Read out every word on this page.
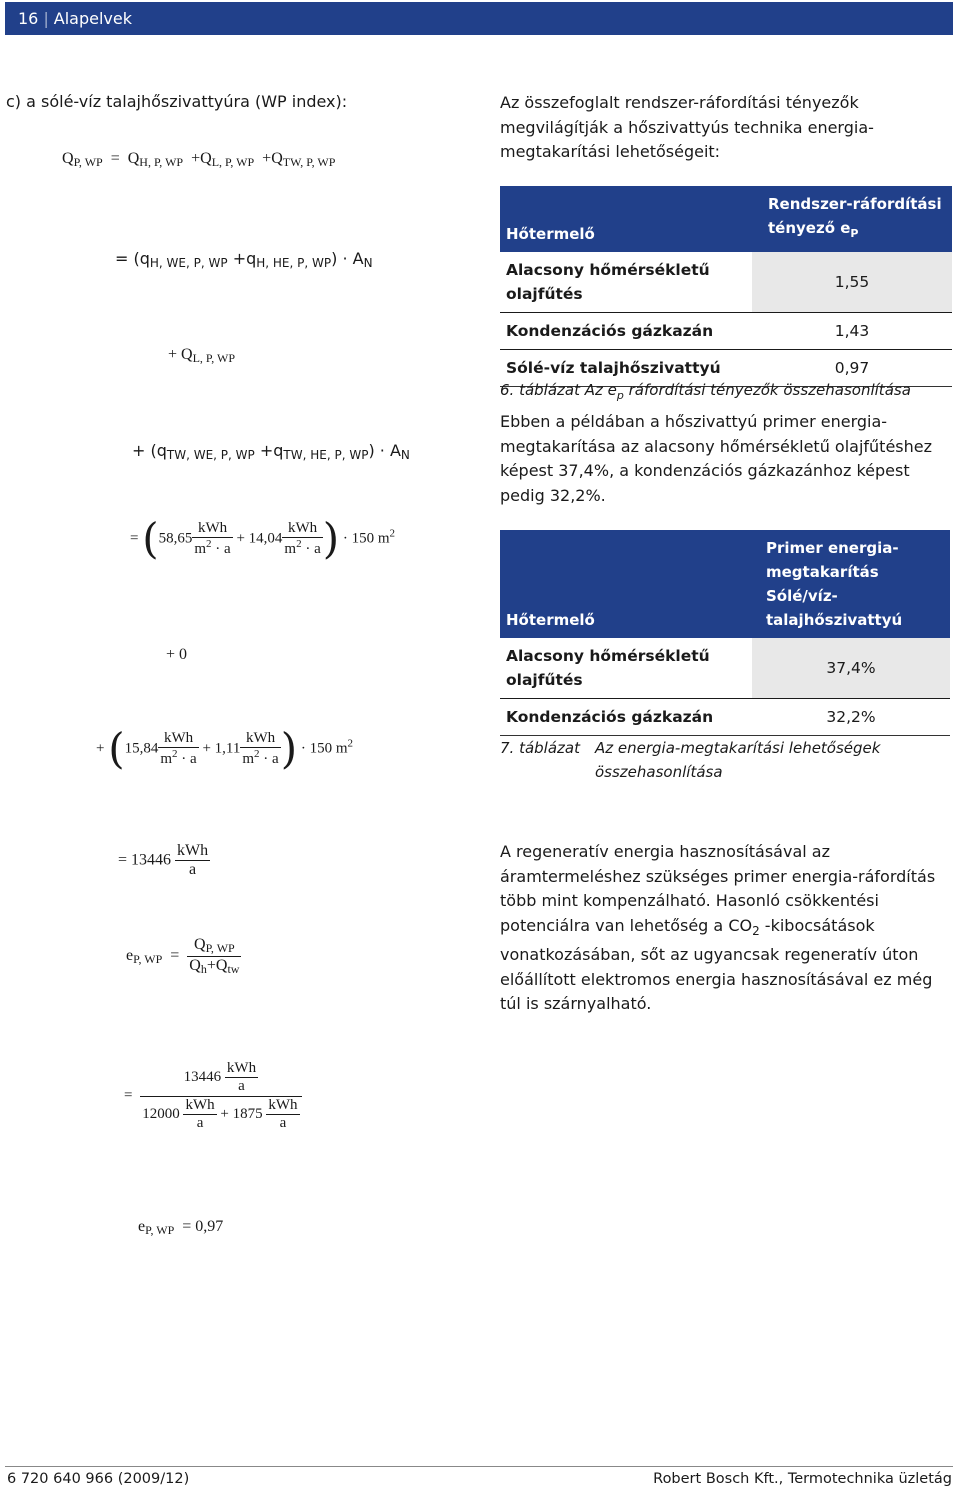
16 | Alapelvek
c) a sólé-víz talajhőszivattyúra (WP index):
$Q_{P, WP} = Q_{H, P, WP} +Q_{L, P, WP} +Q_{TW, P, WP}$
= $(q_{H, WE, P, WP} +q_{H, HE, P, WP}) \cdot A_N$
+ $Q_{L, P, WP}$
+ $(q_{TW, WE, P, WP} +q_{TW, HE, P, WP}) \cdot A_N$
= ($58,65 \frac{\text{kWh}}{m^2 \cdot a} + 14,04 \frac{\text{kWh}}{m^2 \cdot a}$ ) · 150 $m^2$
+ 0
+ ($15,84 \frac{\text{kWh}}{m^2 \cdot a} + 1,11 \frac{\text{kWh}}{m^2 \cdot a}$ ) · 150 $m^2$
= $13446 \frac{\text{kWh}}{a}$
$e_{P, WP} = \frac{Q_{P, WP}}{Q_h+Q_{tw}}$
= $\frac{13446 \frac{\text{kWh}}{a}}{12000 \frac{\text{kWh}}{a} + 1875 \frac{\text{kWh}}{a}}$
$e_{P, WP} = 0,97$
Az összefoglalt rendszer-ráfordítási tényezők megvilágítják a hőszivattyús technika energia-megtakarítási lehetőségeit:
Hőtermelő	Rendszer-ráfordítási
tényező $e_P$
Alacsony hőmérsékletű olajfűtés	1,55
Kondenzációs gázkazán	1,43
Sólé-víz talajhőszivattyú	0,97
6. táblázat Az $e_p$ ráfordítási tényezők összehasonlítása
Ebben a példában a hőszivattyú primer energia-megtakarítása az alacsony hőmérsékletű olajfűtéshez képest 37,4%, a kondenzációs gázkazánhoz képest pedig 32,2%.
Hőtermelő	Primer energia-megtakarítás Sólé/víz-talajhőszivattyú
Alacsony hőmérsékletű olajfűtés	37,4%
Kondenzációs gázkazán	32,2%
7. táblázat Az energia-megtakarítási lehetőségek összehasonlítása
A regeneratív energia hasznosításával az áramtermeléshez szükséges primer energia-ráfordítás több mint kompenzálható. Hasonló csökkentési potenciálra van lehetőség a $CO_2$ -kibocsátások vonatkozásában, sőt az ugyancsak regeneratív úton előállított elektromos energia hasznosításával ez még túl is szárnyalható.
6 720 640 966 (2009/12)	Robert Bosch Kft., Termotechnika üzletág
